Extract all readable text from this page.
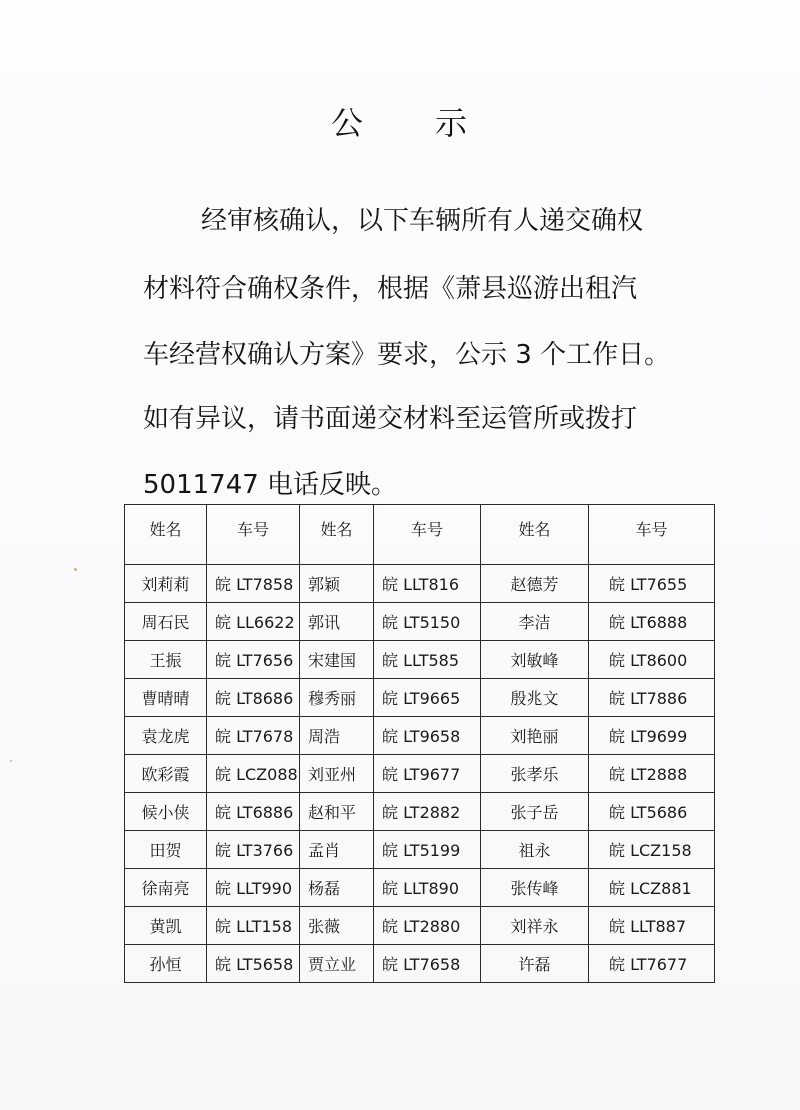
公 示
经审核确认，以下车辆所有人递交确权
材料符合确权条件，根据《萧县巡游出租汽
车经营权确认方案》要求，公示 3 个工作日。
如有异议，请书面递交材料至运管所或拨打
5011747 电话反映。
姓名	车号	姓名	车号	姓名	车号
刘莉莉	皖 LT7858	郭颖	皖 LLT816	赵德芳	皖 LT7655
周石民	皖 LL6622	郭讯	皖 LT5150	李洁	皖 LT6888
王振	皖 LT7656	宋建国	皖 LLT585	刘敏峰	皖 LT8600
曹晴晴	皖 LT8686	穆秀丽	皖 LT9665	殷兆文	皖 LT7886
袁龙虎	皖 LT7678	周浩	皖 LT9658	刘艳丽	皖 LT9699
欧彩霞	皖 LCZ088	刘亚州	皖 LT9677	张孝乐	皖 LT2888
候小侠	皖 LT6886	赵和平	皖 LT2882	张子岳	皖 LT5686
田贺	皖 LT3766	孟肖	皖 LT5199	祖永	皖 LCZ158
徐南亮	皖 LLT990	杨磊	皖 LLT890	张传峰	皖 LCZ881
黄凯	皖 LLT158	张薇	皖 LT2880	刘祥永	皖 LLT887
孙恒	皖 LT5658	贾立业	皖 LT7658	许磊	皖 LT7677
